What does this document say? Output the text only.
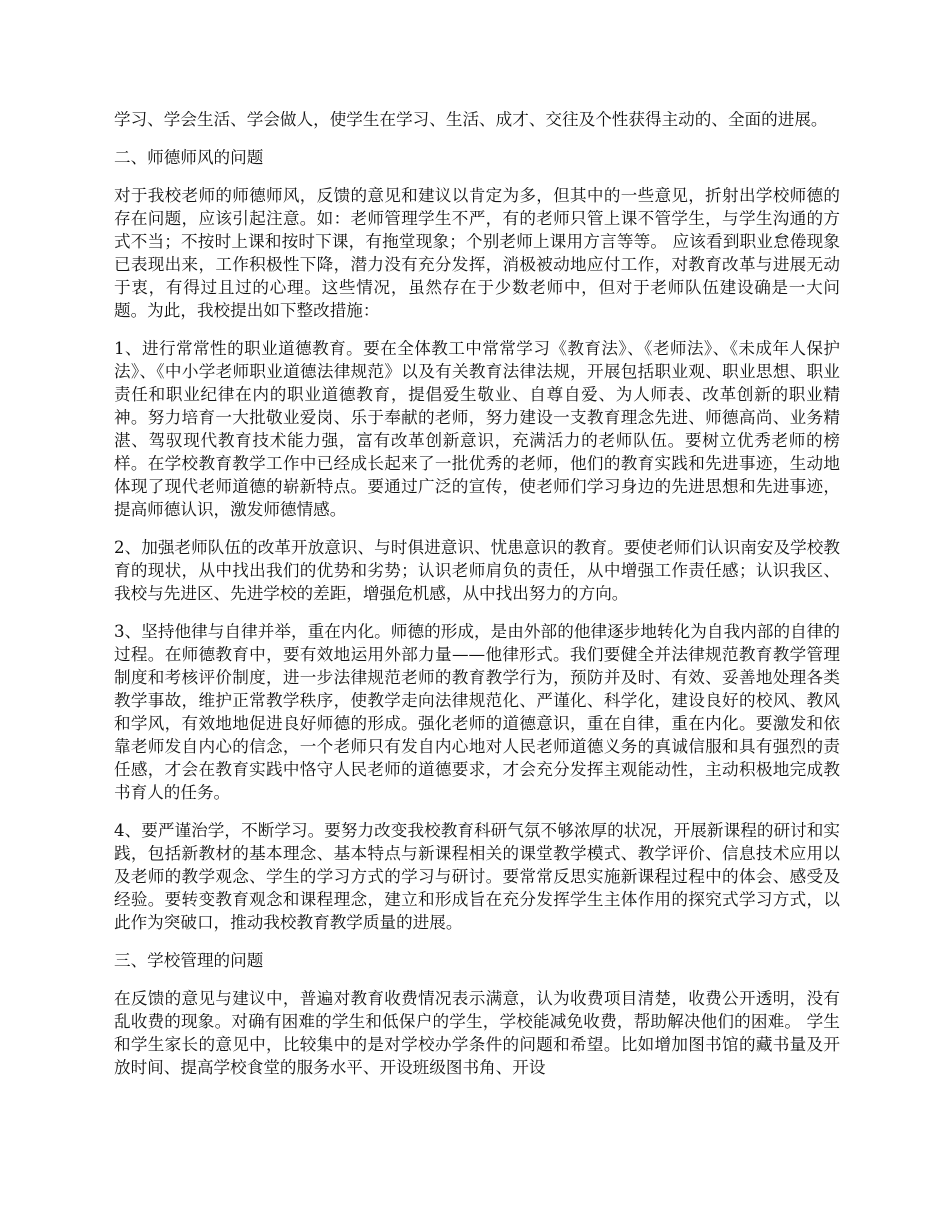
学习、学会生活、学会做人，使学生在学习、生活、成才、交往及个性获得主动的、全面的进展。

二、师德师风的问题

对于我校老师的师德师风，反馈的意见和建议以肯定为多，但其中的一些意见，折射出学校师德的存在问题，应该引起注意。如：老师管理学生不严，有的老师只管上课不管学生，与学生沟通的方式不当；不按时上课和按时下课，有拖堂现象；个别老师上课用方言等等。 应该看到职业怠倦现象已表现出来，工作积极性下降，潜力没有充分发挥，消极被动地应付工作，对教育改革与进展无动于衷，有得过且过的心理。这些情况，虽然存在于少数老师中，但对于老师队伍建设确是一大问题。为此，我校提出如下整改措施：

1、进行常常性的职业道德教育。要在全体教工中常常学习《教育法》、《老师法》、《未成年人保护法》、《中小学老师职业道德法律规范》以及有关教育法律法规，开展包括职业观、职业思想、职业责任和职业纪律在内的职业道德教育，提倡爱生敬业、自尊自爱、为人师表、改革创新的职业精神。努力培育一大批敬业爱岗、乐于奉献的老师，努力建设一支教育理念先进、师德高尚、业务精湛、驾驭现代教育技术能力强，富有改革创新意识，充满活力的老师队伍。要树立优秀老师的榜样。在学校教育教学工作中已经成长起来了一批优秀的老师，他们的教育实践和先进事迹，生动地体现了现代老师道德的崭新特点。要通过广泛的宣传，使老师们学习身边的先进思想和先进事迹，提高师德认识，激发师德情感。

2、加强老师队伍的改革开放意识、与时俱进意识、忧患意识的教育。要使老师们认识南安及学校教育的现状，从中找出我们的优势和劣势；认识老师肩负的责任，从中增强工作责任感；认识我区、我校与先进区、先进学校的差距，增强危机感，从中找出努力的方向。

3、坚持他律与自律并举，重在内化。师德的形成，是由外部的他律逐步地转化为自我内部的自律的过程。在师德教育中，要有效地运用外部力量——他律形式。我们要健全并法律规范教育教学管理制度和考核评价制度，进一步法律规范老师的教育教学行为，预防并及时、有效、妥善地处理各类教学事故，维护正常教学秩序，使教学走向法律规范化、严谨化、科学化，建设良好的校风、教风和学风，有效地地促进良好师德的形成。强化老师的道德意识，重在自律，重在内化。要激发和依靠老师发自内心的信念，一个老师只有发自内心地对人民老师道德义务的真诚信服和具有强烈的责任感，才会在教育实践中恪守人民老师的道德要求，才会充分发挥主观能动性，主动积极地完成教书育人的任务。

4、要严谨治学，不断学习。要努力改变我校教育科研气氛不够浓厚的状况，开展新课程的研讨和实践，包括新教材的基本理念、基本特点与新课程相关的课堂教学模式、教学评价、信息技术应用以及老师的教学观念、学生的学习方式的学习与研讨。要常常反思实施新课程过程中的体会、感受及经验。要转变教育观念和课程理念，建立和形成旨在充分发挥学生主体作用的探究式学习方式，以此作为突破口，推动我校教育教学质量的进展。

三、学校管理的问题

在反馈的意见与建议中，普遍对教育收费情况表示满意，认为收费项目清楚，收费公开透明，没有乱收费的现象。对确有困难的学生和低保户的学生，学校能减免收费，帮助解决他们的困难。 学生和学生家长的意见中，比较集中的是对学校办学条件的问题和希望。比如增加图书馆的藏书量及开放时间、提高学校食堂的服务水平、开设班级图书角、开设
